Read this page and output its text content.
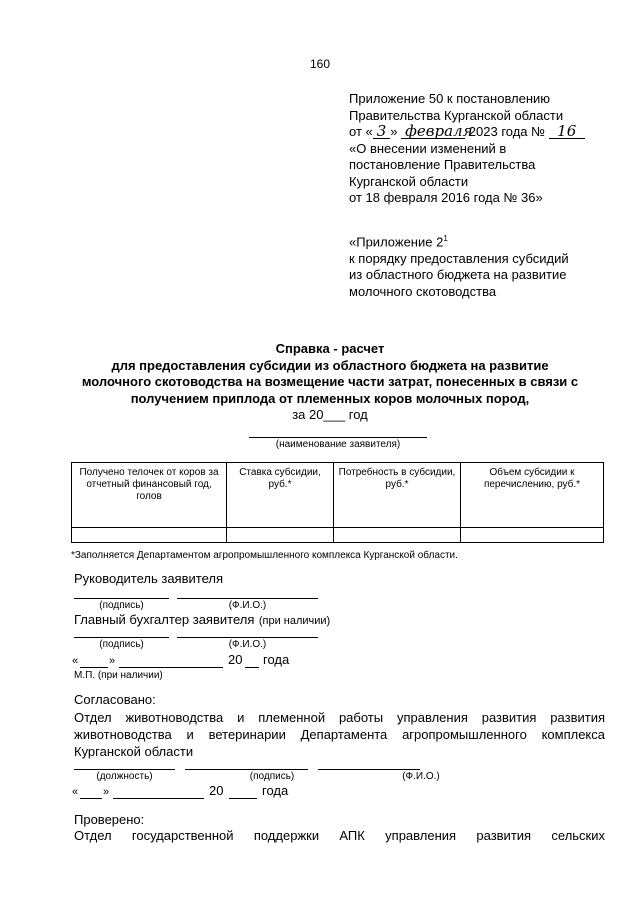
160
Приложение 50 к постановлению
Правительства Курганской области
от « 3 » февраля 2023 года № 16
«О внесении изменений в
постановление Правительства
Курганской области
от 18 февраля 2016 года № 36»
«Приложение $2^1$
к порядку предоставления субсидий
из областного бюджета на развитие
молочного скотоводства
Справка - расчет
для предоставления субсидии из областного бюджета на развитие
молочного скотоводства на возмещение части затрат, понесенных в связи с
получением приплода от племенных коров молочных пород,
за 20___ год
(наименование заявителя)
Получено телочек от коров за отчетный финансовый год, голов	Ставка субсидии, руб.*	Потребность в субсидии, руб.*	Объем субсидии к перечислению, руб.*

*Заполняется Департаментом агропромышленного комплекса Курганской области.
Руководитель заявителя
(подпись)	(Ф.И.О.)
Главный бухгалтер заявителя (при наличии)
(подпись)	(Ф.И.О.)
«	»	20 года
М.П. (при наличии)
Согласовано:
Отдел животноводства и племенной работы управления развития развития
животноводства и ветеринарии Департамента агропромышленного комплекса
Курганской области
(должность)	(подпись)	(Ф.И.О.)
« »	20	года
Проверено:
Отдел государственной поддержки АПК управления развития сельских
